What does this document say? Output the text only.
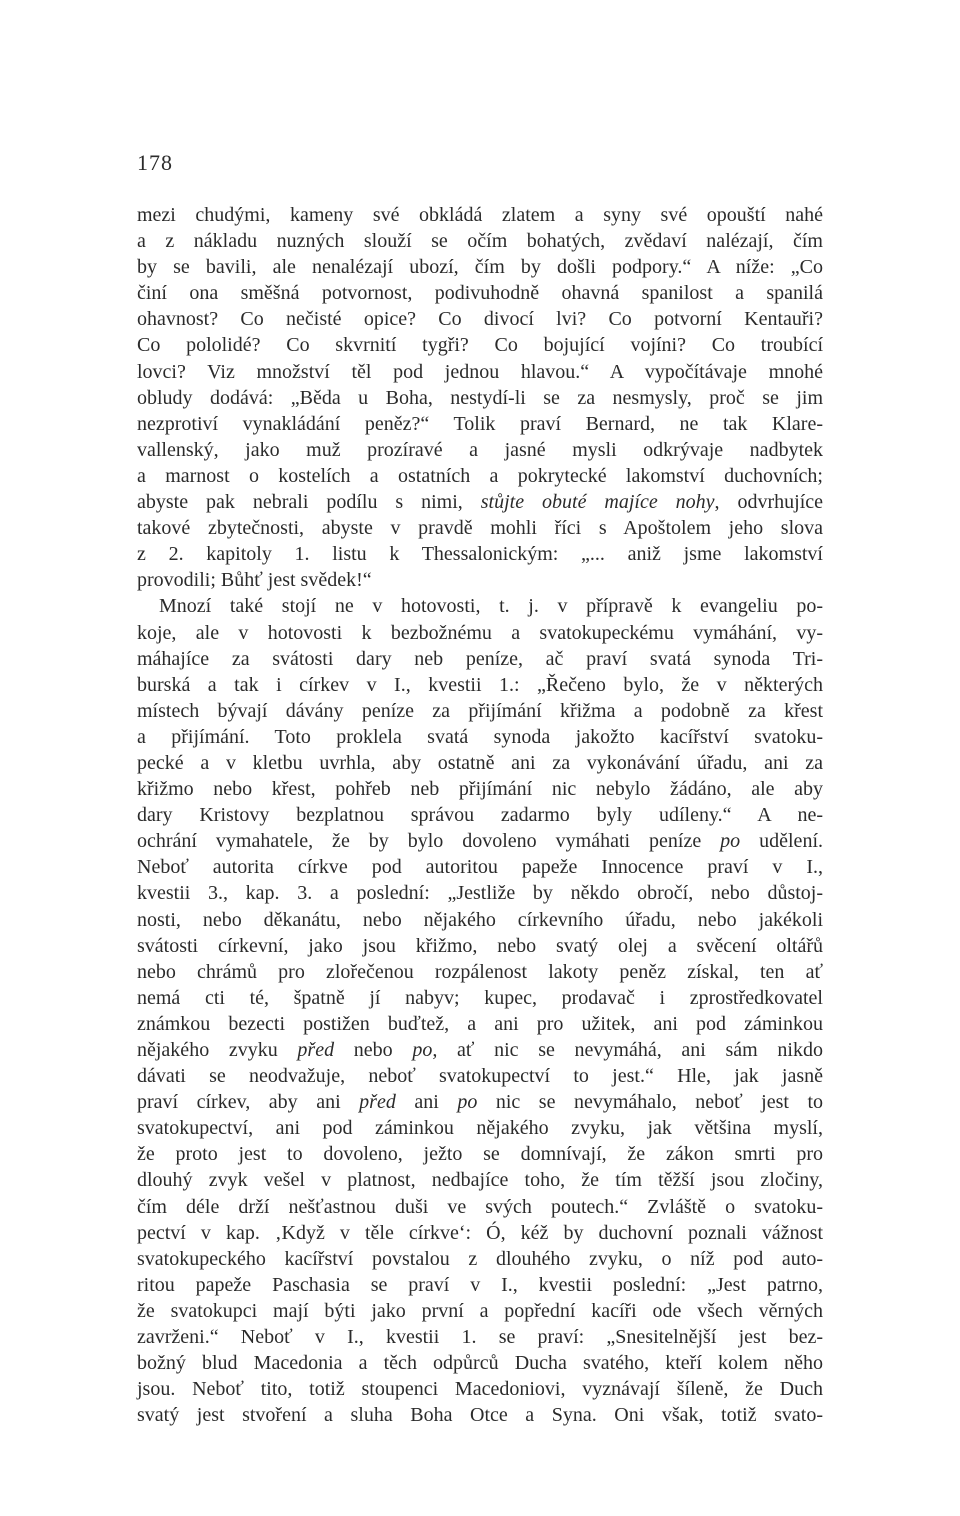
178
mezi chudými, kameny své obkládá zlatem a syny své opouští nahé
a z nákladu nuzných slouží se očím bohatých, zvědaví nalézají, čím
by se bavili, ale nenalézají ubozí, čím by došli podpory.“ A níže: „Co
činí ona směšná potvornost, podivuhodně ohavná spanilost a spanilá
ohavnost? Co nečisté opice? Co divocí lvi? Co potvorní Kentauři?
Co pololidé? Co skvrnití tygři? Co bojující vojíni? Co troubící
lovci? Viz množství těl pod jednou hlavou.“ A vypočítávaje mnohé
obludy dodává: „Běda u Boha, nestydí-li se za nesmysly, proč se jim
nezprotiví vynakládání peněz?“ Tolik praví Bernard, ne tak Klare-
vallenský, jako muž prozíravé a jasné mysli odkrývaje nadbytek
a marnost o kostelích a ostatních a pokrytecké lakomství duchovních;
abyste pak nebrali podílu s nimi, stůjte obuté majíce nohy, odvrhujíce
takové zbytečnosti, abyste v pravdě mohli říci s Apoštolem jeho slova
z 2. kapitoly 1. listu k Thessalonickým: „... aniž jsme lakomství
provodili; Bůhť jest svědek!“
Mnozí také stojí ne v hotovosti, t. j. v přípravě k evangeliu po-
koje, ale v hotovosti k bezbožnému a svatokupeckému vymáhání, vy-
máhajíce za svátosti dary neb peníze, ač praví svatá synoda Tri-
burská a tak i církev v I., kvestii 1.: „Řečeno bylo, že v některých
místech bývají dávány peníze za přijímání křižma a podobně za křest
a přijímání. Toto proklela svatá synoda jakožto kacířství svatoku-
pecké a v kletbu uvrhla, aby ostatně ani za vykonávání úřadu, ani za
křižmo nebo křest, pohřeb neb přijímání nic nebylo žádáno, ale aby
dary Kristovy bezplatnou správou zadarmo byly udíleny.“ A ne-
ochrání vymahatele, že by bylo dovoleno vymáhati peníze po udělení.
Neboť autorita církve pod autoritou papeže Innocence praví v I.,
kvestii 3., kap. 3. a poslední: „Jestliže by někdo obročí, nebo důstoj-
nosti, nebo děkanátu, nebo nějakého církevního úřadu, nebo jakékoli
svátosti církevní, jako jsou křižmo, nebo svatý olej a svěcení oltářů
nebo chrámů pro zlořečenou rozpálenost lakoty peněz získal, ten ať
nemá cti té, špatně jí nabyv; kupec, prodavač i zprostředkovatel
známkou bezecti postižen buďtež, a ani pro užitek, ani pod záminkou
nějakého zvyku před nebo po, ať nic se nevymáhá, ani sám nikdo
dávati se neodvažuje, neboť svatokupectví to jest.“ Hle, jak jasně
praví církev, aby ani před ani po nic se nevymáhalo, neboť jest to
svatokupectví, ani pod záminkou nějakého zvyku, jak většina myslí,
že proto jest to dovoleno, ježto se domnívají, že zákon smrti pro
dlouhý zvyk vešel v platnost, nedbajíce toho, že tím těžší jsou zločiny,
čím déle drží nešťastnou duši ve svých poutech.“ Zvláště o svatoku-
pectví v kap. ‚Když v těle církve‘: Ó, kéž by duchovní poznali vážnost
svatokupeckého kacířství povstalou z dlouhého zvyku, o níž pod auto-
ritou papeže Paschasia se praví v I., kvestii poslední: „Jest patrno,
že svatokupci mají býti jako první a popřední kacíři ode všech věrných
zavrženi.“ Neboť v I., kvestii 1. se praví: „Snesitelnější jest bez-
božný blud Macedonia a těch odpůrců Ducha svatého, kteří kolem něho
jsou. Neboť tito, totiž stoupenci Macedoniovi, vyznávají šíleně, že Duch
svatý jest stvoření a sluha Boha Otce a Syna. Oni však, totiž svato-
